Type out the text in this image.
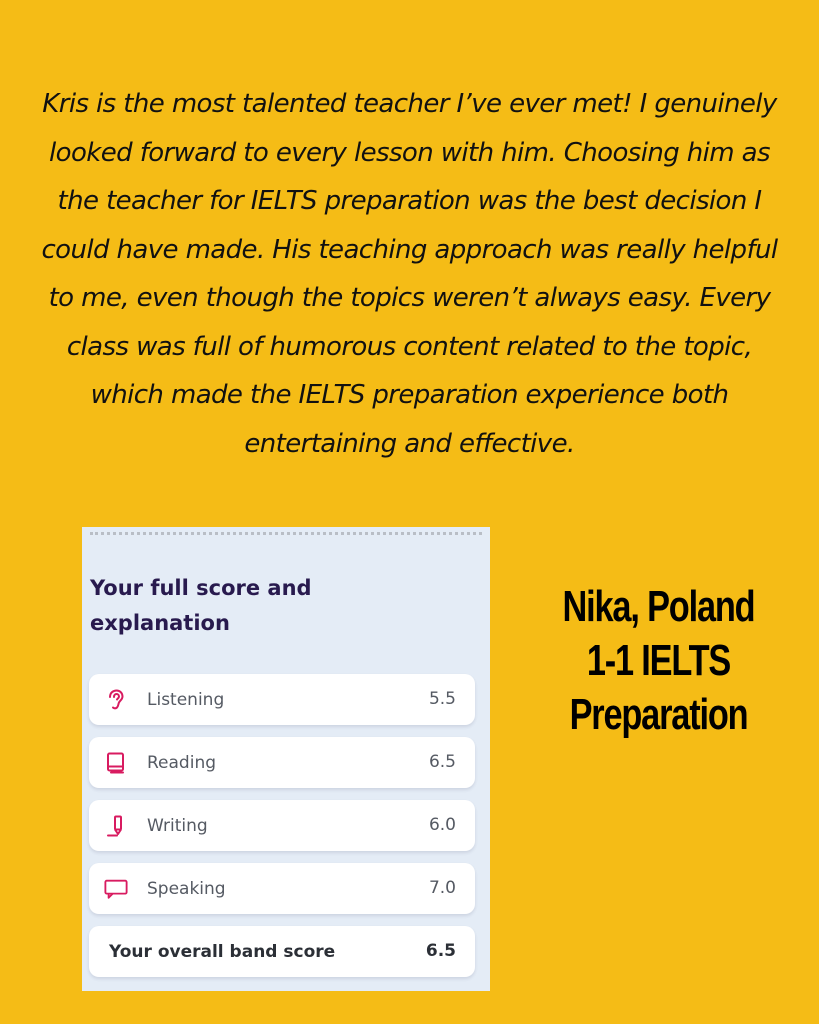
Kris is the most talented teacher I’ve ever met! I genuinely looked forward to every lesson with him. Choosing him as the teacher for IELTS preparation was the best decision I could have made. His teaching approach was really helpful to me, even though the topics weren’t always easy. Every class was full of humorous content related to the topic, which made the IELTS preparation experience both entertaining and effective.

Your full score and explanation
Listening	5.5
Reading	6.5
Writing	6.0
Speaking	7.0
Your overall band score	6.5
Nika, Poland
1-1 IELTS
Preparation
